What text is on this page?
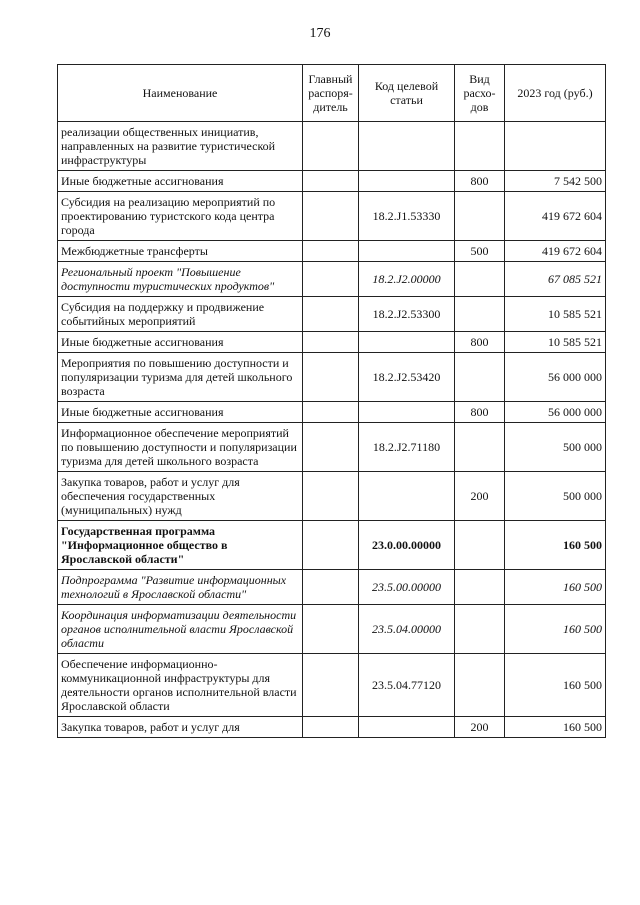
176
Наименование	Главный распоря-дитель	Код целевой статьи	Вид расхо-дов	2023 год (руб.)
реализации общественных инициатив, направленных на развитие туристической инфраструктуры				
Иные бюджетные ассигнования			800	7 542 500
Субсидия на реализацию мероприятий по проектированию туристского кода центра города		18.2.J1.53330		419 672 604
Межбюджетные трансферты			500	419 672 604
Региональный проект "Повышение доступности туристических продуктов"		18.2.J2.00000		67 085 521
Субсидия на поддержку и продвижение событийных мероприятий		18.2.J2.53300		10 585 521
Иные бюджетные ассигнования			800	10 585 521
Мероприятия по повышению доступности и популяризации туризма для детей школьного возраста		18.2.J2.53420		56 000 000
Иные бюджетные ассигнования			800	56 000 000
Информационное обеспечение мероприятий по повышению доступности и популяризации туризма для детей школьного возраста		18.2.J2.71180		500 000
Закупка товаров, работ и услуг для обеспечения государственных (муниципальных) нужд			200	500 000
Государственная программа "Информационное общество в Ярославской области"		23.0.00.00000		160 500
Подпрограмма "Развитие информационных технологий в Ярославской области"		23.5.00.00000		160 500
Координация информатизации деятельности органов исполнительной власти Ярославской области		23.5.04.00000		160 500
Обеспечение информационно-коммуникационной инфраструктуры для деятельности органов исполнительной власти Ярославской области		23.5.04.77120		160 500
Закупка товаров, работ и услуг для			200	160 500
